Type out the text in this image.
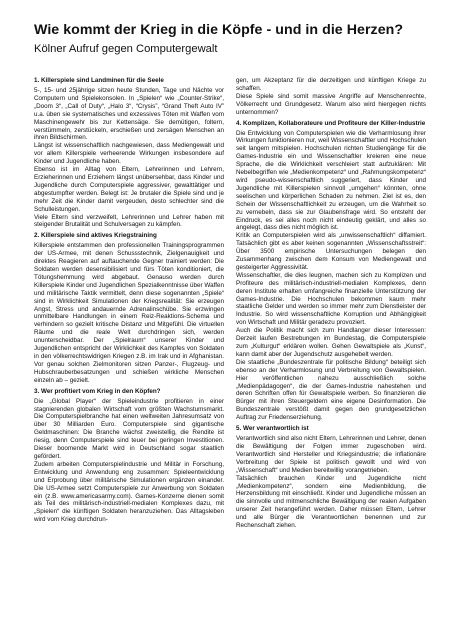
Wie kommt der Krieg in die Köpfe - und in die Herzen?
Kölner Aufruf gegen Computergewalt
1. Killerspiele sind Landminen für die Seele

5-, 15- und 25jährige sitzen heute Stunden, Tage und Nächte vor Computern und Spielekonsolen. In „Spielen“ wie „Counter-Strike“, „Doom 3“, „Call of Duty“, „Halo 3“, “Crysis”, “Grand Theft Auto IV” u.a. üben sie systematisches und exzessives Töten mit Waffen vom Maschinengewehr bis zur Kettensäge. Sie demütigen, foltern, verstümmeln, zerstückeln, erschießen und zersägen Menschen an ihren Bildschirmen.

Längst ist wissenschaftlich nachgewiesen, dass Mediengewalt und vor allem Killerspiele verheerende Wirkungen insbesondere auf Kinder und Jugendliche haben.

Ebenso ist im Alltag von Eltern, Lehrerinnen und Lehrern, Erzieherinnen und Erziehern längst unübersehbar, dass Kinder und Jugendliche durch Computerspiele aggressiver, gewalttätiger und abgestumpfter werden. Belegt ist: Je brutaler die Spiele sind und je mehr Zeit die Kinder damit vergeuden, desto schlechter sind die Schulleistungen.

Viele Eltern sind verzweifelt, Lehrerinnen und Lehrer haben mit steigender Brutalität und Schulversagen zu kämpfen.

2. Killerspiele sind aktives Kriegstraining

Killerspiele entstammen den professionellen Trainingsprogrammen der US-Armee, mit denen Schussstechnik, Zielgenauigkeit und direktes Reagieren auf auftauchende Gegner trainiert werden: Die Soldaten werden desensibilisiert und fürs Töten konditioniert, die Tötungshemmung wird abgebaut. Genauso werden durch Killerspiele Kinder und Jugendlichen Spezialkenntnisse über Waffen und militärische Taktik vermittelt, denn diese sogenannten „Spiele“ sind in Wirklichkeit Simulationen der Kriegsrealität: Sie erzeugen Angst, Stress und andauernde Adrenalinschübe. Sie erzwingen unmittelbare Handlungen in einem Reiz-Reaktions-Schema und verhindern so gezielt kritische Distanz und Mitgefühl. Die virtuellen Räume und die reale Welt durchdringen sich, werden ununterscheidbar. Der „Spielraum“ unserer Kinder und Jugendlichen entspricht der Wirklichkeit des Kampfes von Soldaten in den völkerrechtswidrigen Kriegen z.B. im Irak und in Afghanistan. Vor genau solchen Zielmonitoren sitzen Panzer-, Flugzeug- und Hubschrauberbesatzungen und schießen wirkliche Menschen einzeln ab – gezielt.

3. Wer profitiert vom Krieg in den Köpfen?

Die „Global Player“ der Spieleindustrie profitieren in einer stagnierenden globalen Wirtschaft vom größten Wachstumsmarkt. Die Computerspielbranche hat einen weltweiten Jahresumsatz von über 30 Milliarden Euro. Computerspiele sind gigantische Geldmaschinen: Die Branche wächst zweistellig, die Rendite ist riesig, denn Computerspiele sind teuer bei geringen Investitionen. Dieser boomende Markt wird in Deutschland sogar staatlich gefördert.

Zudem arbeiten Computerspielindustrie und Militär in Forschung, Entwicklung und Anwendung eng zusammen: Spieleentwicklung und Erprobung über militärische Simulationen ergänzen einander. Die US-Armee setzt Computerspiele zur Anwerbung von Soldaten ein (z.B. www.americasarmy.com). Games-Konzerne dienen somit als Teil des militärisch-industriell-medialen Komplexes dazu, mit „Spielen“ die künftigen Soldaten heranzuziehen. Das Alltagsleben wird vom Krieg durchdrun-

gen, um Akzeptanz für die derzeitigen und künftigen Kriege zu schaffen.

Diese Spiele sind somit massive Angriffe auf Menschenrechte, Völkerrecht und Grundgesetz. Warum also wird hiergegen nichts unternommen?

4. Komplizen, Kollaborateure und Profiteure der Killer-Industrie

Die Entwicklung von Computerspielen wie die Verharmlosung ihrer Wirkungen funktionieren nur, weil Wissenschaftler und Hochschulen seit langem mitspielen. Hochschulen richten Studiengänge für die Games-Industrie ein und Wissenschaftler kreieren eine neue Sprache, die die Wirklichkeit verschleiert statt aufzuklären: Mit Nebelbegriffen wie „Medienkompetenz“ und „Rahmungskompetenz“ wird pseudo-wissenschaftlich suggeriert, dass Kinder und Jugendliche mit Killerspielen sinnvoll „umgehen“ könnten, ohne seelischen und körperlichen Schaden zu nehmen. Ziel ist es, den Schein der Wissenschaftlichkeit zu erzeugen, um die Wahrheit so zu vernebeln, dass sie zur Glaubensfrage wird. So entsteht der Eindruck, es sei alles noch nicht eindeutig geklärt, und alles so angelegt, dass dies nicht möglich ist.

Kritik an Computerspielen wird als „unwissenschaftlich“ diffamiert. Tatsächlich gibt es aber keinen sogenannten „Wissenschaftsstreit“: Über 3500 empirische Untersuchungen belegen den Zusammenhang zwischen dem Konsum von Mediengewalt und gesteigerter Aggressivität.

Wissenschaftler, die dies leugnen, machen sich zu Komplizen und Profiteure des militärisch-industriell-medialen Komplexes, denn deren Institute erhalten umfangreiche finanzielle Unterstützung der Games-Industrie. Die Hochschulen bekommen kaum mehr staatliche Gelder und werden so immer mehr zum Dienstleister der Industrie. So wird wissenschaftliche Korruption und Abhängigkeit von Wirtschaft und Militär geradezu provoziert.

Auch die Politik macht sich zum Handlanger dieser Interessen: Derzeit laufen Bestrebungen im Bundestag, die Computerspiele zum „Kulturgut“ erklären wollen. Gehen Gewaltspiele als „Kunst“, kann damit aber der Jugendschutz ausgehebelt werden.

Die staatliche „Bundeszentrale für politische Bildung“ beteiligt sich ebenso an der Verharmlosung und Verbreitung von Gewaltspielen. Hier veröffentlichen nahezu ausschließlich solche „Medienpädagogen“, die der Games-Industrie nahestehen und deren Schriften offen für Gewaltspiele werben. So finanzieren die Bürger mit ihren Steuergeldern eine eigene Desinformation. Die Bundeszentrale verstößt damit gegen den grundgesetzlichen Auftrag zur Friedenserziehung.

5. Wer verantwortlich ist

Verantwortlich sind also nicht Eltern, Lehrerinnen und Lehrer, denen die Bewältigung der Folgen immer zugeschoben wird. Verantwortlich sind Hersteller und Kriegsindustrie; die inflationäre Verbreitung der Spiele ist politisch gewollt und wird von „Wissenschaft“ und Medien bereitwillig vorangetrieben.

Tatsächlich brauchen Kinder und Jugendliche nicht „Medienkompetenz“, sondern eine Medienbildung, die Herzensbildung mit einschließt. Kinder und Jugendliche müssen an die sinnvolle und mitmenschliche Bewältigung der realen Aufgaben unserer Zeit herangeführt werden. Daher müssen Eltern, Lehrer und alle Bürger die Verantwortlichen benennen und zur Rechenschaft ziehen.
